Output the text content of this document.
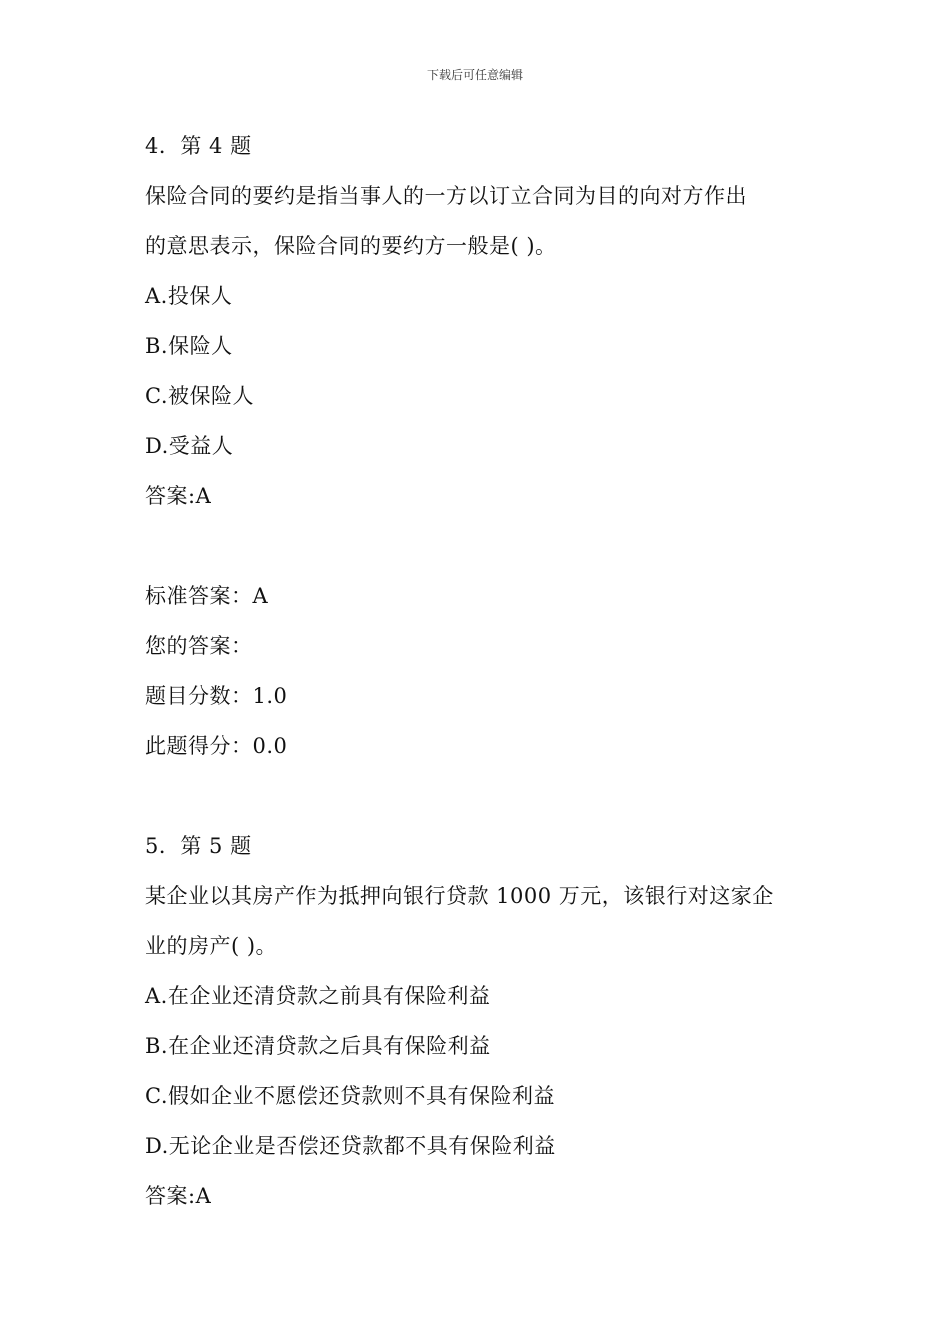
下载后可任意编辑
4．第 4 题
保险合同的要约是指当事人的一方以订立合同为目的向对方作出
的意思表示，保险合同的要约方一般是( )。
A.投保人
B.保险人
C.被保险人
D.受益人
答案:A
标准答案：A
您的答案：
题目分数：1.0
此题得分：0.0
5．第 5 题
某企业以其房产作为抵押向银行贷款 1000 万元，该银行对这家企
业的房产( )。
A.在企业还清贷款之前具有保险利益
B.在企业还清贷款之后具有保险利益
C.假如企业不愿偿还贷款则不具有保险利益
D.无论企业是否偿还贷款都不具有保险利益
答案:A
